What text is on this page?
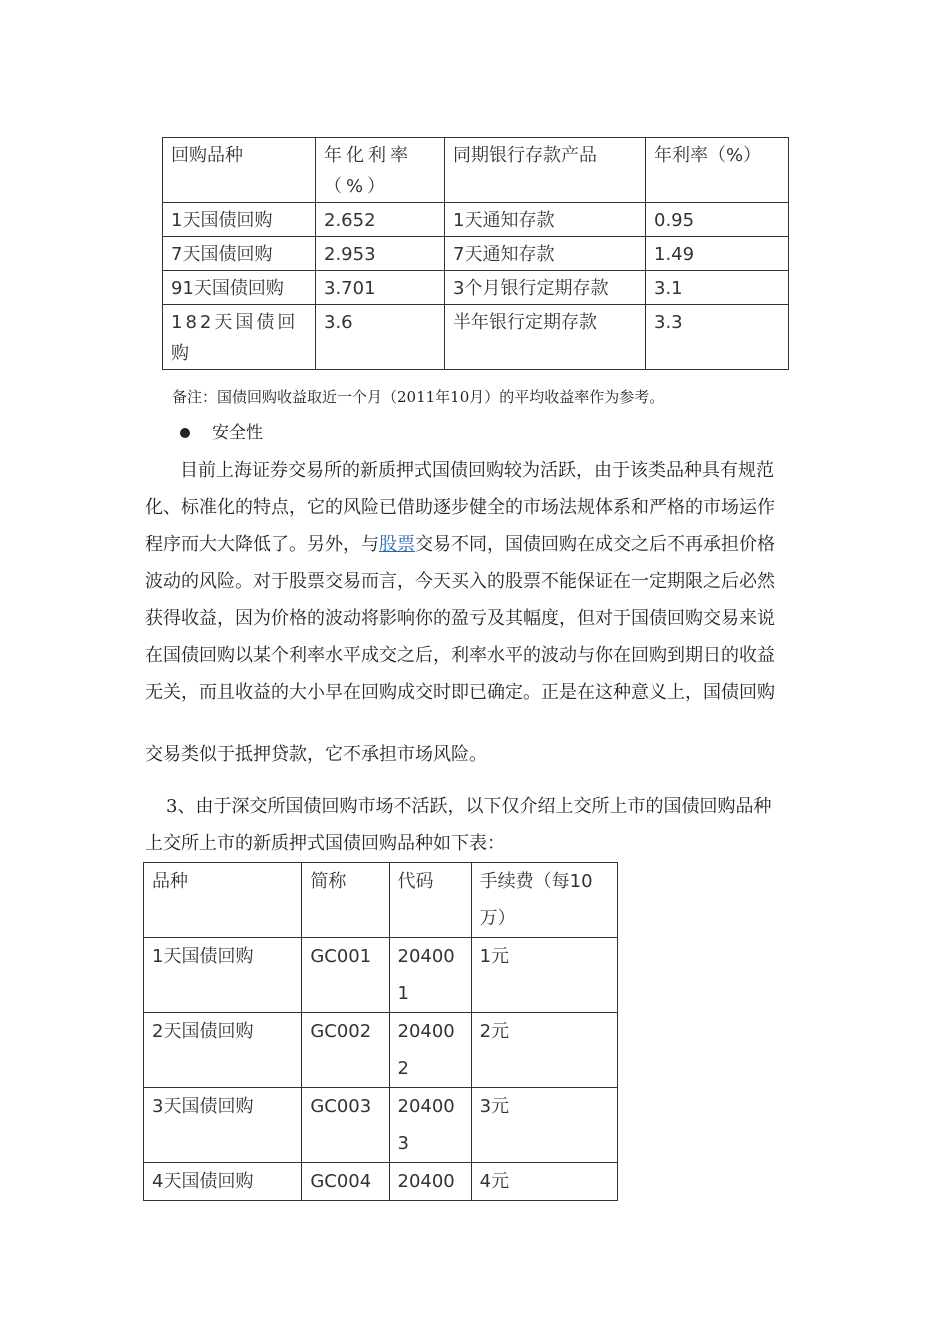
回购品种	年化利率（%）	同期银行存款产品	年利率（%）
1天国债回购	2.652	1天通知存款	0.95
7天国债回购	2.953	7天通知存款	1.49
91天国债回购	3.701	3个月银行定期存款	3.1
182天国债回购	3.6	半年银行定期存款	3.3
备注：国债回购收益取近一个月（2011年10月）的平均收益率作为参考。
安全性
目前上海证券交易所的新质押式国债回购较为活跃，由于该类品种具有规范
化、标准化的特点，它的风险已借助逐步健全的市场法规体系和严格的市场运作
程序而大大降低了。另外，与股票交易不同，国债回购在成交之后不再承担价格
波动的风险。对于股票交易而言，今天买入的股票不能保证在一定期限之后必然
获得收益，因为价格的波动将影响你的盈亏及其幅度，但对于国债回购交易来说
在国债回购以某个利率水平成交之后，利率水平的波动与你在回购到期日的收益
无关，而且收益的大小早在回购成交时即已确定。正是在这种意义上，国债回购
交易类似于抵押贷款，它不承担市场风险。
3、由于深交所国债回购市场不活跃，以下仅介绍上交所上市的国债回购品种
上交所上市的新质押式国债回购品种如下表：
品种	简称	代码	手续费（每10万）
1天国债回购	GC001	204001	1元
2天国债回购	GC002	204002	2元
3天国债回购	GC003	204003	3元
4天国债回购	GC004	20400	4元
